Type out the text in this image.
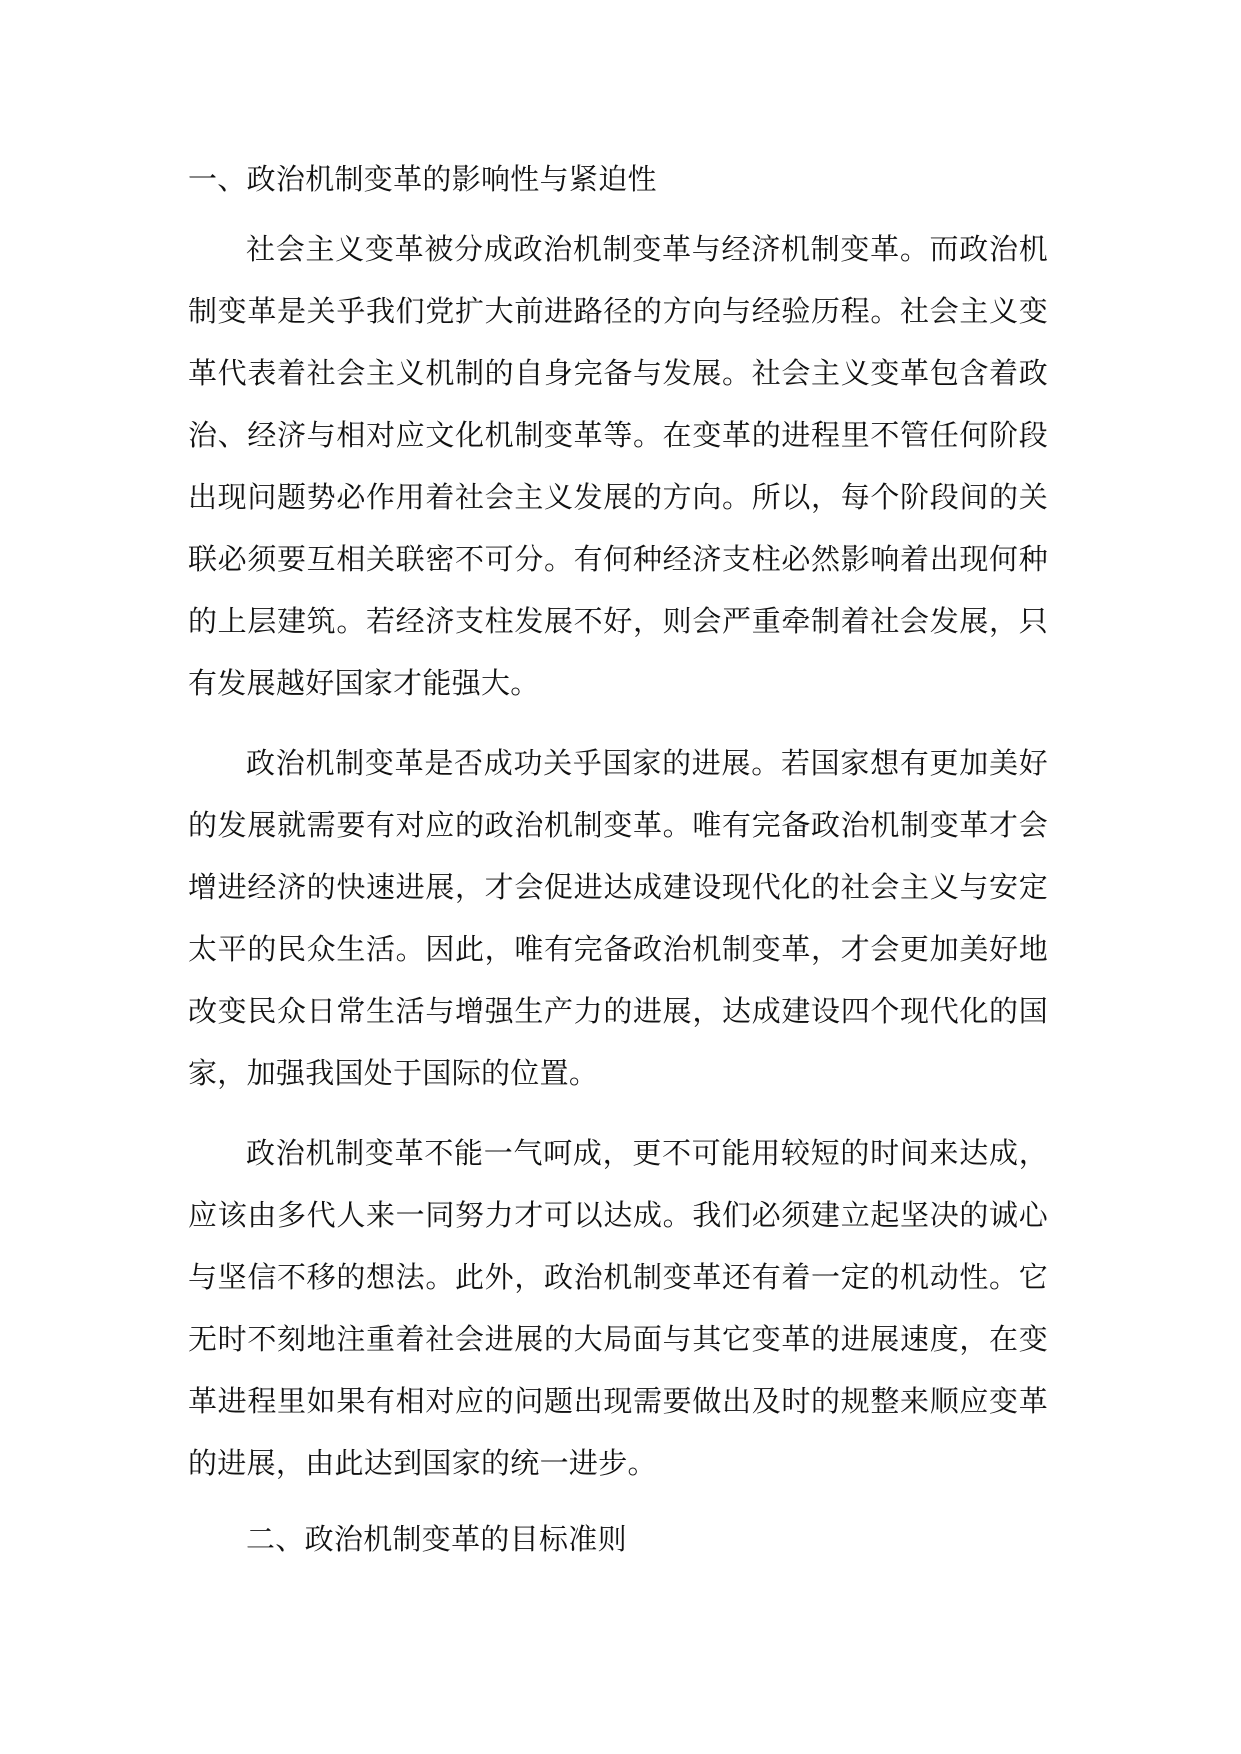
一、政治机制变革的影响性与紧迫性

社会主义变革被分成政治机制变革与经济机制变革。而政治机制变革是关乎我们党扩大前进路径的方向与经验历程。社会主义变革代表着社会主义机制的自身完备与发展。社会主义变革包含着政治、经济与相对应文化机制变革等。在变革的进程里不管任何阶段出现问题势必作用着社会主义发展的方向。所以，每个阶段间的关联必须要互相关联密不可分。有何种经济支柱必然影响着出现何种的上层建筑。若经济支柱发展不好，则会严重牵制着社会发展，只有发展越好国家才能强大。

政治机制变革是否成功关乎国家的进展。若国家想有更加美好的发展就需要有对应的政治机制变革。唯有完备政治机制变革才会增进经济的快速进展，才会促进达成建设现代化的社会主义与安定太平的民众生活。因此，唯有完备政治机制变革，才会更加美好地改变民众日常生活与增强生产力的进展，达成建设四个现代化的国家，加强我国处于国际的位置。

政治机制变革不能一气呵成，更不可能用较短的时间来达成，应该由多代人来一同努力才可以达成。我们必须建立起坚决的诚心与坚信不移的想法。此外，政治机制变革还有着一定的机动性。它无时不刻地注重着社会进展的大局面与其它变革的进展速度，在变革进程里如果有相对应的问题出现需要做出及时的规整来顺应变革的进展，由此达到国家的统一进步。

二、政治机制变革的目标准则
